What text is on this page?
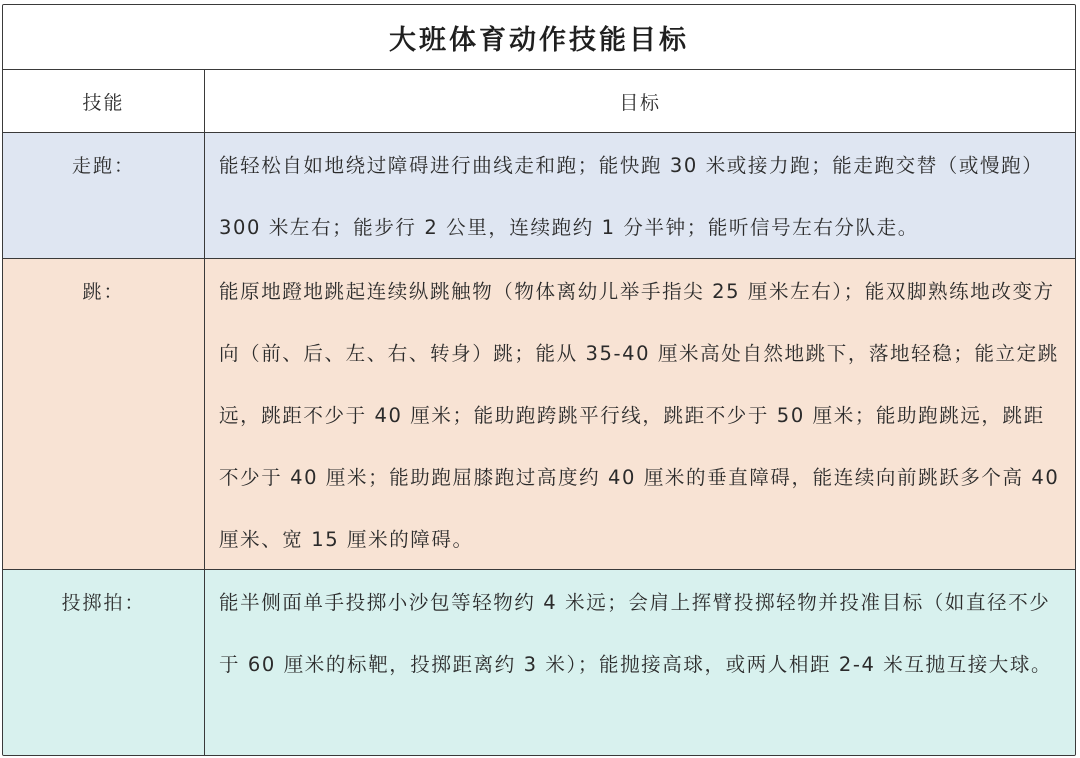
大班体育动作技能目标
技能	目标
走跑：	能轻松自如地绕过障碍进行曲线走和跑；能快跑 30 米或接力跑；能走跑交替（或慢跑）300 米左右；能步行 2 公里，连续跑约 1 分半钟；能听信号左右分队走。
跳：	能原地蹬地跳起连续纵跳触物（物体离幼儿举手指尖 25 厘米左右）；能双脚熟练地改变方向（前、后、左、右、转身）跳；能从 35-40 厘米高处自然地跳下，落地轻稳；能立定跳远，跳距不少于 40 厘米；能助跑跨跳平行线，跳距不少于 50 厘米；能助跑跳远，跳距不少于 40 厘米；能助跑屈膝跑过高度约 40 厘米的垂直障碍，能连续向前跳跃多个高 40 厘米、宽 15 厘米的障碍。
投掷拍：	能半侧面单手投掷小沙包等轻物约 4 米远；会肩上挥臂投掷轻物并投准目标（如直径不少于 60 厘米的标靶，投掷距离约 3 米）；能抛接高球，或两人相距 2-4 米互抛互接大球。
